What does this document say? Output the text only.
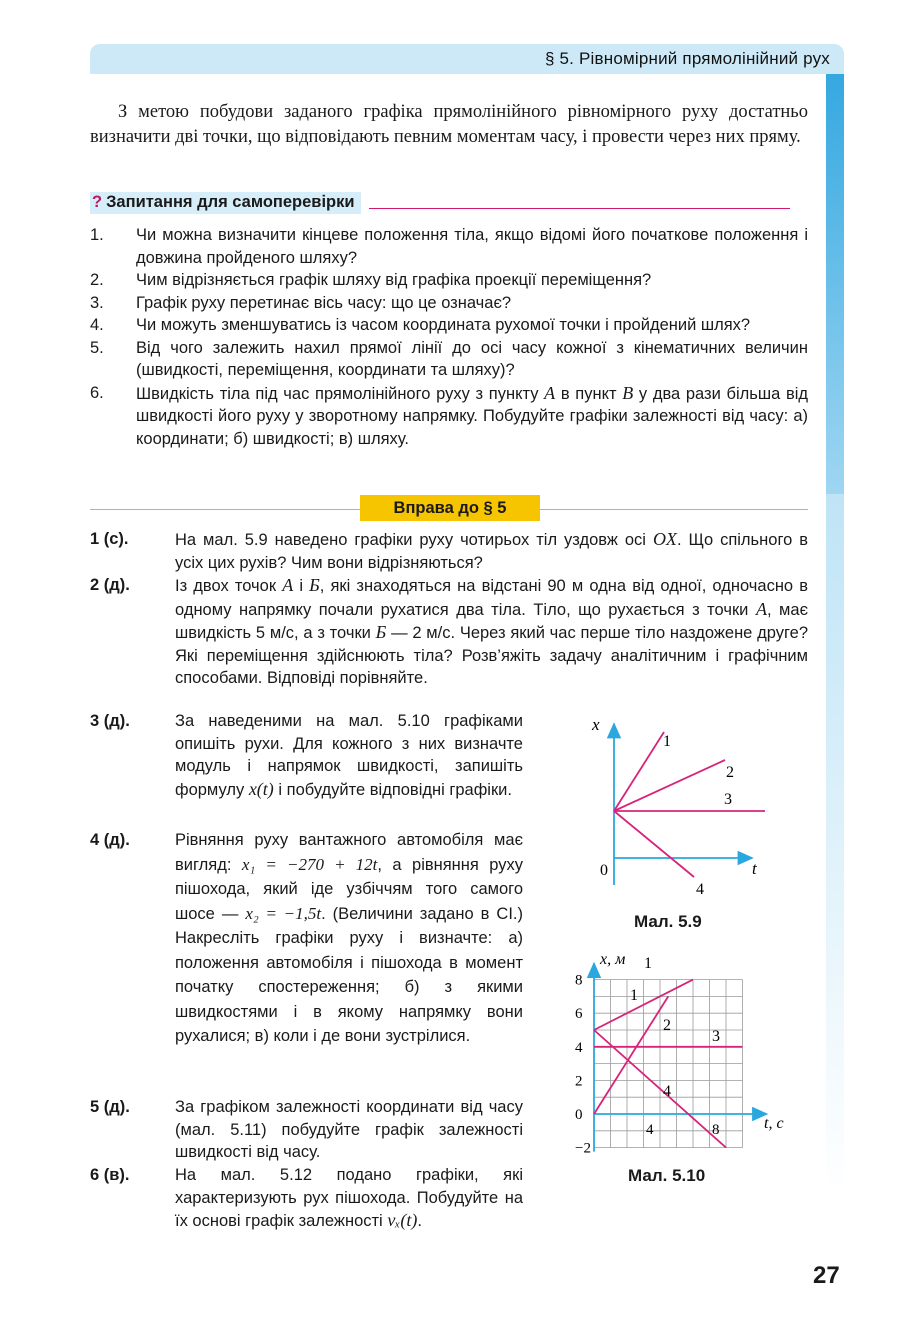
§ 5. Рівномірний прямолінійний рух
З метою побудови заданого графіка прямолінійного рівномірного руху достатньо визначити дві точки, що відповідають певним моментам часу, і провести через них пряму.
? Запитання для самоперевірки
1. Чи можна визначити кінцеве положення тіла, якщо відомі його початкове положення і довжина пройденого шляху?
2. Чим відрізняється графік шляху від графіка проекції переміщення?
3. Графік руху перетинає вісь часу: що це означає?
4. Чи можуть зменшуватись із часом координата рухомої точки і пройдений шлях?
5. Від чого залежить нахил прямої лінії до осі часу кожної з кінематичних величин (швидкості, переміщення, координати та шляху)?
6. Швидкість тіла під час прямолінійного руху з пункту A в пункт B у два рази більша від швидкості його руху у зворотному напрямку. Побудуйте графіки залежності від часу: а) координати; б) швидкості; в) шляху.
Вправа до § 5
1 (с).	На мал. 5.9 наведено графіки руху чотирьох тіл уздовж осі OX. Що спільного в усіх цих рухів? Чим вони відрізняються?
2 (д).	Із двох точок A і Б, які знаходяться на відстані 90 м одна від одної, одночасно в одному напрямку почали рухатися два тіла. Тіло, що рухається з точки A, має швидкість 5 м/с, а з точки Б — 2 м/с. Через який час перше тіло наздожене друге? Які переміщення здійснюють тіла? Розв’яжіть задачу аналітичним і графічним способами. Відповіді порівняйте.
3 (д).	За наведеними на мал. 5.10 графіками опишіть рухи. Для кожного з них визначте модуль і напрямок швидкості, запишіть формулу x(t) і побудуйте відповідні графіки.
4 (д).	Рівняння руху вантажного автомобіля має вигляд: x₁ = −270 + 12t, а рівняння руху пішохода, який іде узбіччям того самого шосе — x₂ = −1,5t. (Величини задано в СІ.) Накресліть графіки руху і визначте: а) положення автомобіля і пішохода в момент початку спостереження; б) з якими швидкостями і в якому напрямку вони рухалися; в) коли і де вони зустрілися.
5 (д).	За графіком залежності координати від часу (мал. 5.11) побудуйте графік залежності швидкості від часу.
6 (в).	На мал. 5.12 подано графіки, які характеризують рух пішохода. Побудуйте на їх основі графік залежності vₓ(t).
x
t
0
1
2
3
4
Мал. 5.9
8
6
4
2
0
−2
4	8
x, м
t, с
1
1
2
3
4
Мал. 5.10
27
